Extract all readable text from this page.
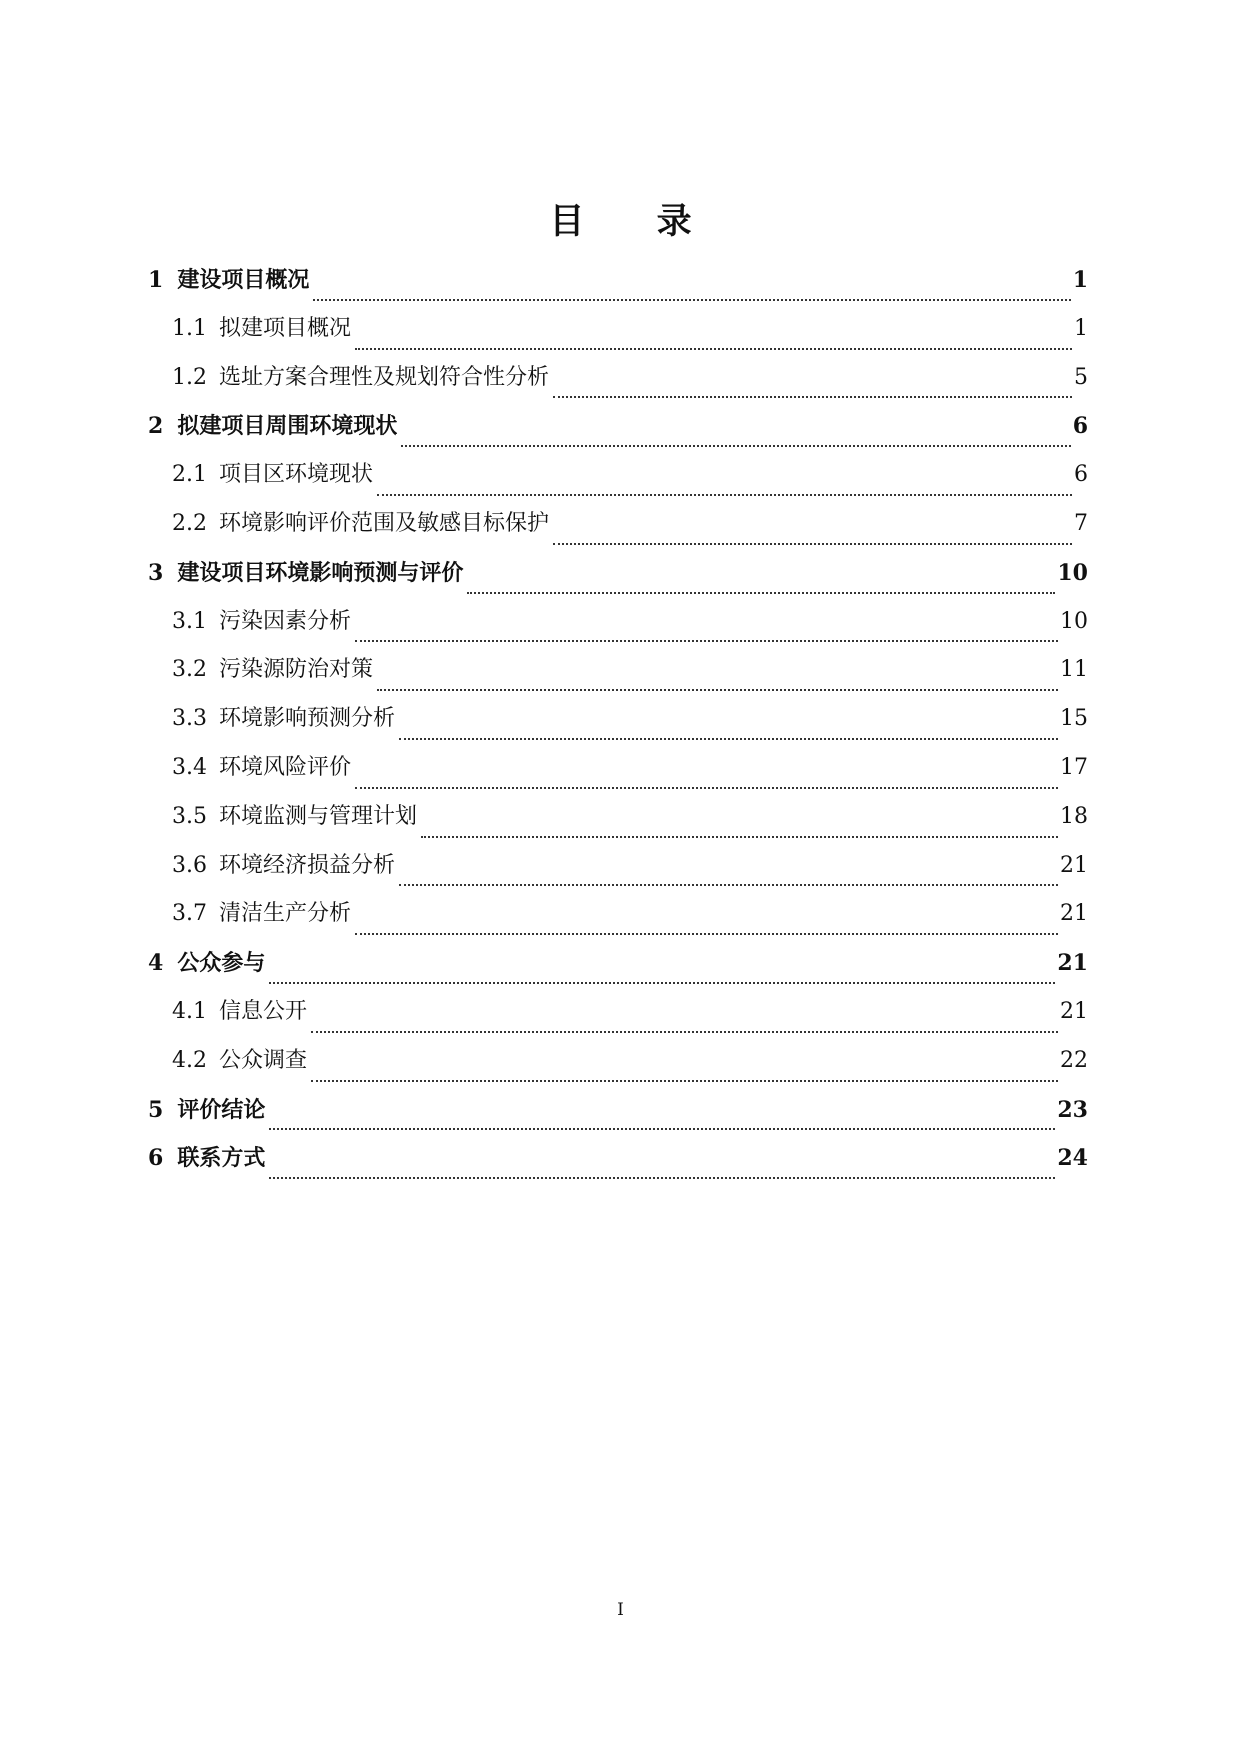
目 录
1 建设项目概况	1
1.1 拟建项目概况	1
1.2 选址方案合理性及规划符合性分析	5
2 拟建项目周围环境现状	6
2.1 项目区环境现状	6
2.2 环境影响评价范围及敏感目标保护	7
3 建设项目环境影响预测与评价	10
3.1 污染因素分析	10
3.2 污染源防治对策	11
3.3 环境影响预测分析	15
3.4 环境风险评价	17
3.5 环境监测与管理计划	18
3.6 环境经济损益分析	21
3.7 清洁生产分析	21
4 公众参与	21
4.1 信息公开	21
4.2 公众调查	22
5 评价结论	23
6 联系方式	24
I
